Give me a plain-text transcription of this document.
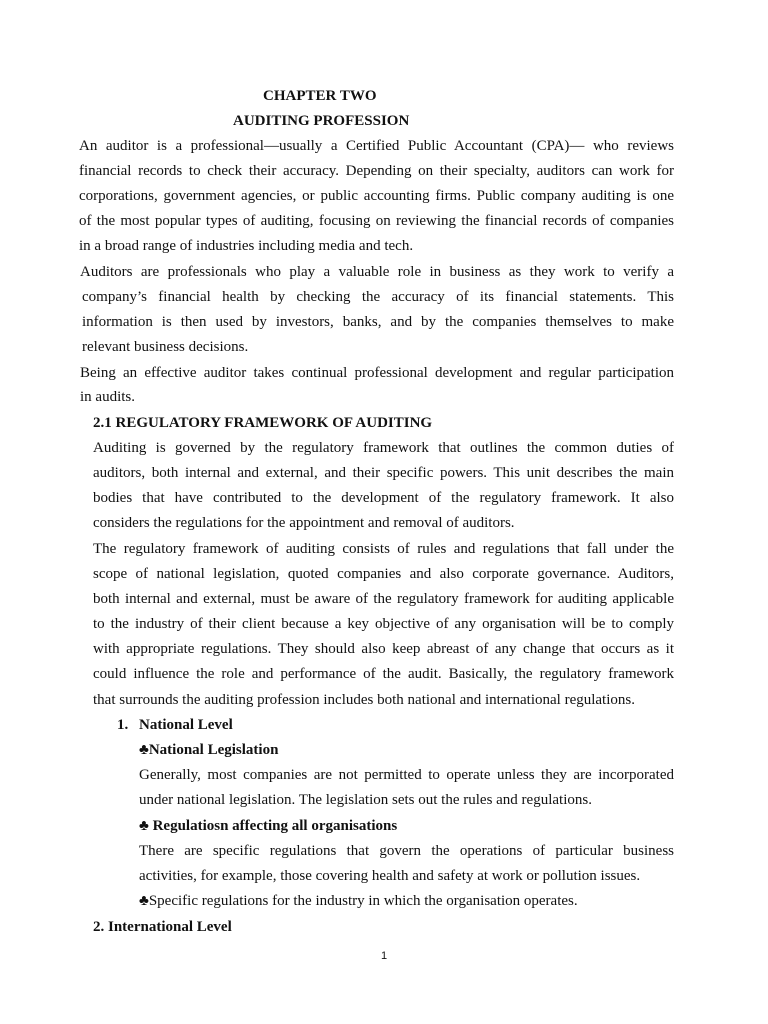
CHAPTER TWO
AUDITING PROFESSION
An auditor is a professional—usually a Certified Public Accountant (CPA)— who reviews
financial records to check their accuracy. Depending on their specialty, auditors can work for
corporations, government agencies, or public accounting firms. Public company auditing is one
of the most popular types of auditing, focusing on reviewing the financial records of companies
in a broad range of industries including media and tech.
Auditors are professionals who play a valuable role in business as they work to verify a
company’s financial health by checking the accuracy of its financial statements. This
information is then used by investors, banks, and by the companies themselves to make
relevant business decisions.
Being an effective auditor takes continual professional development and regular participation
in audits.
2.1 REGULATORY FRAMEWORK OF AUDITING
Auditing is governed by the regulatory framework that outlines the common duties of
auditors, both internal and external, and their specific powers. This unit describes the main
bodies that have contributed to the development of the regulatory framework. It also
considers the regulations for the appointment and removal of auditors.
The regulatory framework of auditing consists of rules and regulations that fall under the
scope of national legislation, quoted companies and also corporate governance. Auditors,
both internal and external, must be aware of the regulatory framework for auditing applicable
to the industry of their client because a key objective of any organisation will be to comply
with appropriate regulations. They should also keep abreast of any change that occurs as it
could influence the role and performance of the audit. Basically, the regulatory framework
that surrounds the auditing profession includes both national and international regulations.
1. National Level
♣National Legislation
Generally, most companies are not permitted to operate unless they are incorporated
under national legislation. The legislation sets out the rules and regulations.
♣ Regulatiosn affecting all organisations
There are specific regulations that govern the operations of particular business
activities, for example, those covering health and safety at work or pollution issues.
♣Specific regulations for the industry in which the organisation operates.
2. International Level
1
